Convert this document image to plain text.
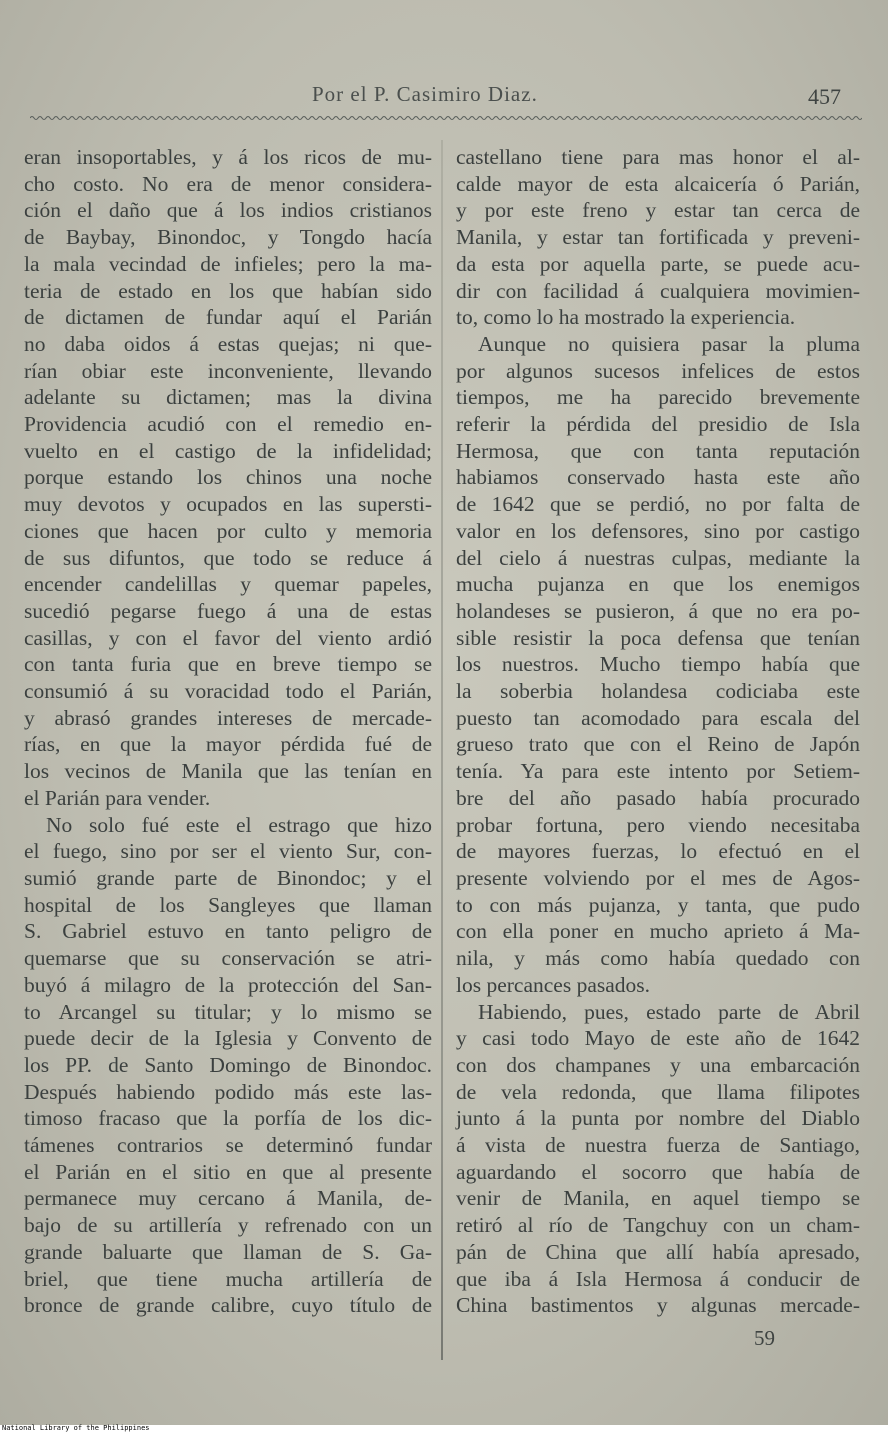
Por el P. Casimiro Diaz.	457
eran insoportables, y á los ricos de mu-
cho costo. No era de menor considera-
ción el daño que á los indios cristianos
de Baybay, Binondoc, y Tongdo hacía
la mala vecindad de infieles; pero la ma-
teria de estado en los que habían sido
de dictamen de fundar aquí el Parián
no daba oidos á estas quejas; ni que-
rían obiar este inconveniente, llevando
adelante su dictamen; mas la divina
Providencia acudió con el remedio en-
vuelto en el castigo de la infidelidad;
porque estando los chinos una noche
muy devotos y ocupados en las supersti-
ciones que hacen por culto y memoria
de sus difuntos, que todo se reduce á
encender candelillas y quemar papeles,
sucedió pegarse fuego á una de estas
casillas, y con el favor del viento ardió
con tanta furia que en breve tiempo se
consumió á su voracidad todo el Parián,
y abrasó grandes intereses de mercade-
rías, en que la mayor pérdida fué de
los vecinos de Manila que las tenían en
el Parián para vender.
No solo fué este el estrago que hizo
el fuego, sino por ser el viento Sur, con-
sumió grande parte de Binondoc; y el
hospital de los Sangleyes que llaman
S. Gabriel estuvo en tanto peligro de
quemarse que su conservación se atri-
buyó á milagro de la protección del San-
to Arcangel su titular; y lo mismo se
puede decir de la Iglesia y Convento de
los PP. de Santo Domingo de Binondoc.
Después habiendo podido más este las-
timoso fracaso que la porfía de los dic-
támenes contrarios se determinó fundar
el Parián en el sitio en que al presente
permanece muy cercano á Manila, de-
bajo de su artillería y refrenado con un
grande baluarte que llaman de S. Ga-
briel, que tiene mucha artillería de
bronce de grande calibre, cuyo título de
castellano tiene para mas honor el al-
calde mayor de esta alcaicería ó Parián,
y por este freno y estar tan cerca de
Manila, y estar tan fortificada y preveni-
da esta por aquella parte, se puede acu-
dir con facilidad á cualquiera movimien-
to, como lo ha mostrado la experiencia.
Aunque no quisiera pasar la pluma
por algunos sucesos infelices de estos
tiempos, me ha parecido brevemente
referir la pérdida del presidio de Isla
Hermosa, que con tanta reputación
habiamos conservado hasta este año
de 1642 que se perdió, no por falta de
valor en los defensores, sino por castigo
del cielo á nuestras culpas, mediante la
mucha pujanza en que los enemigos
holandeses se pusieron, á que no era po-
sible resistir la poca defensa que tenían
los nuestros. Mucho tiempo había que
la soberbia holandesa codiciaba este
puesto tan acomodado para escala del
grueso trato que con el Reino de Japón
tenía. Ya para este intento por Setiem-
bre del año pasado había procurado
probar fortuna, pero viendo necesitaba
de mayores fuerzas, lo efectuó en el
presente volviendo por el mes de Agos-
to con más pujanza, y tanta, que pudo
con ella poner en mucho aprieto á Ma-
nila, y más como había quedado con
los percances pasados.
Habiendo, pues, estado parte de Abril
y casi todo Mayo de este año de 1642
con dos champanes y una embarcación
de vela redonda, que llama filipotes
junto á la punta por nombre del Diablo
á vista de nuestra fuerza de Santiago,
aguardando el socorro que había de
venir de Manila, en aquel tiempo se
retiró al río de Tangchuy con un cham-
pán de China que allí había apresado,
que iba á Isla Hermosa á conducir de
China bastimentos y algunas mercade-
59
National Library of the Philippines
